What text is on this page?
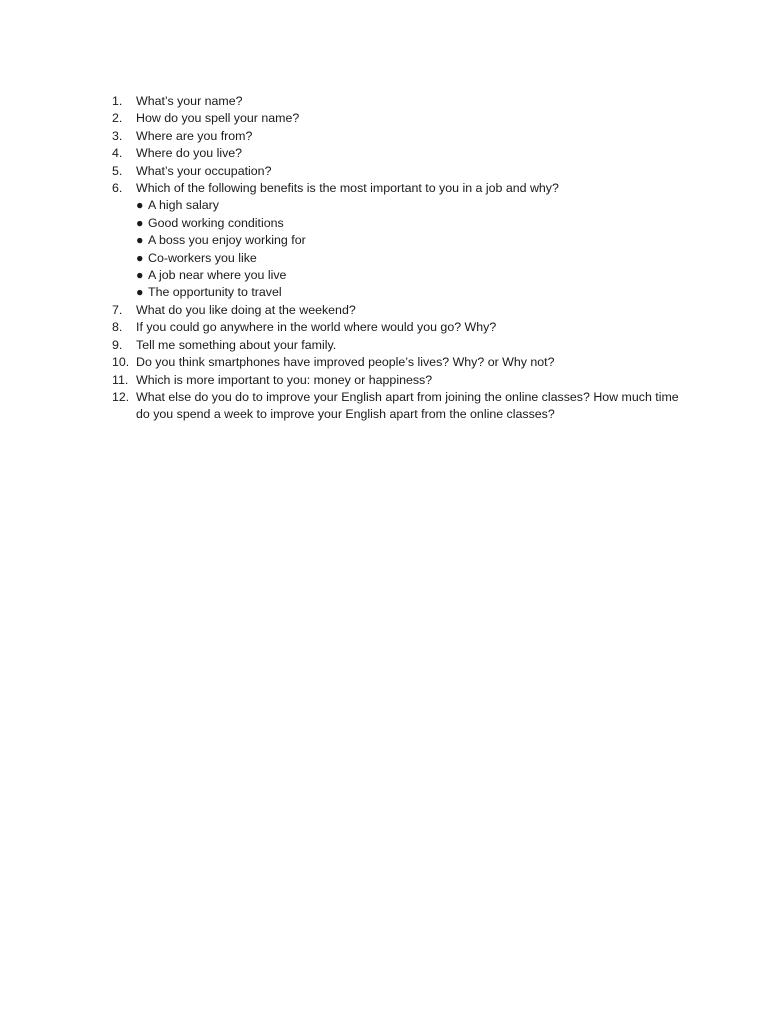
1.	What’s your name?
2.	How do you spell your name?
3.	Where are you from?
4.	Where do you live?
5.	What’s your occupation?
6.	Which of the following benefits is the most important to you in a job and why?
● A high salary
● Good working conditions
● A boss you enjoy working for
● Co-workers you like
● A job near where you live
● The opportunity to travel
7.	What do you like doing at the weekend?
8.	If you could go anywhere in the world where would you go? Why?
9.	Tell me something about your family.
10. Do you think smartphones have improved people’s lives? Why? or Why not?
11. Which is more important to you: money or happiness?
12. What else do you do to improve your English apart from joining the online classes? How much time do you spend a week to improve your English apart from the online classes?
